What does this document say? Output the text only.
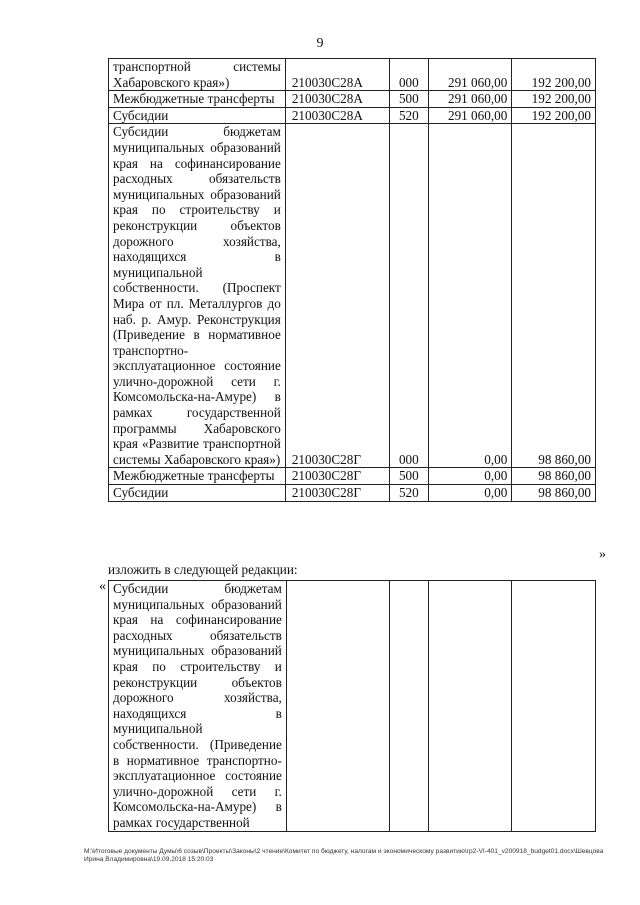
9
транспортной системы Хабаровского края»)	210030С28А	000	291 060,00	192 200,00
Межбюджетные трансферты	210030С28А	500	291 060,00	192 200,00
Субсидии	210030С28А	520	291 060,00	192 200,00

Субсидии бюджетам муниципальных образований края на софинансирование расходных обязательств муниципальных образований края по строительству и реконструкции объектов дорожного хозяйства, находящихся в муниципальной собственности. (Проспект Мира от пл. Металлургов до наб. р. Амур. Реконструкция (Приведение в нормативное транспортно-эксплуатационное состояние улично-дорожной сети г. Комсомольска-на-Амуре) в рамках государственной программы Хабаровского края «Развитие транспортной системы Хабаровского края»)	210030С28Г	000	0,00	98 860,00
Межбюджетные трансферты	210030С28Г	500	0,00	98 860,00
Субсидии	210030С28Г	520	0,00	98 860,00
»
изложить в следующей редакции:
« Субсидии бюджетам муниципальных образований края на софинансирование расходных обязательств муниципальных образований края по строительству и реконструкции объектов дорожного хозяйства, находящихся в муниципальной собственности. (Приведение в нормативное транспортно-эксплуатационное состояние улично-дорожной сети г. Комсомольска-на-Амуре) в рамках государственной

М:\Итоговые документы Думы\6 созыв\Проекты\Законы\2 чтение\Комитет по бюджету, налогам и экономическому развитию\гр2-VI-401_v200918_budget01.docx\Шевцова Ирина Владимировна\19.09.2018 15:20:03
